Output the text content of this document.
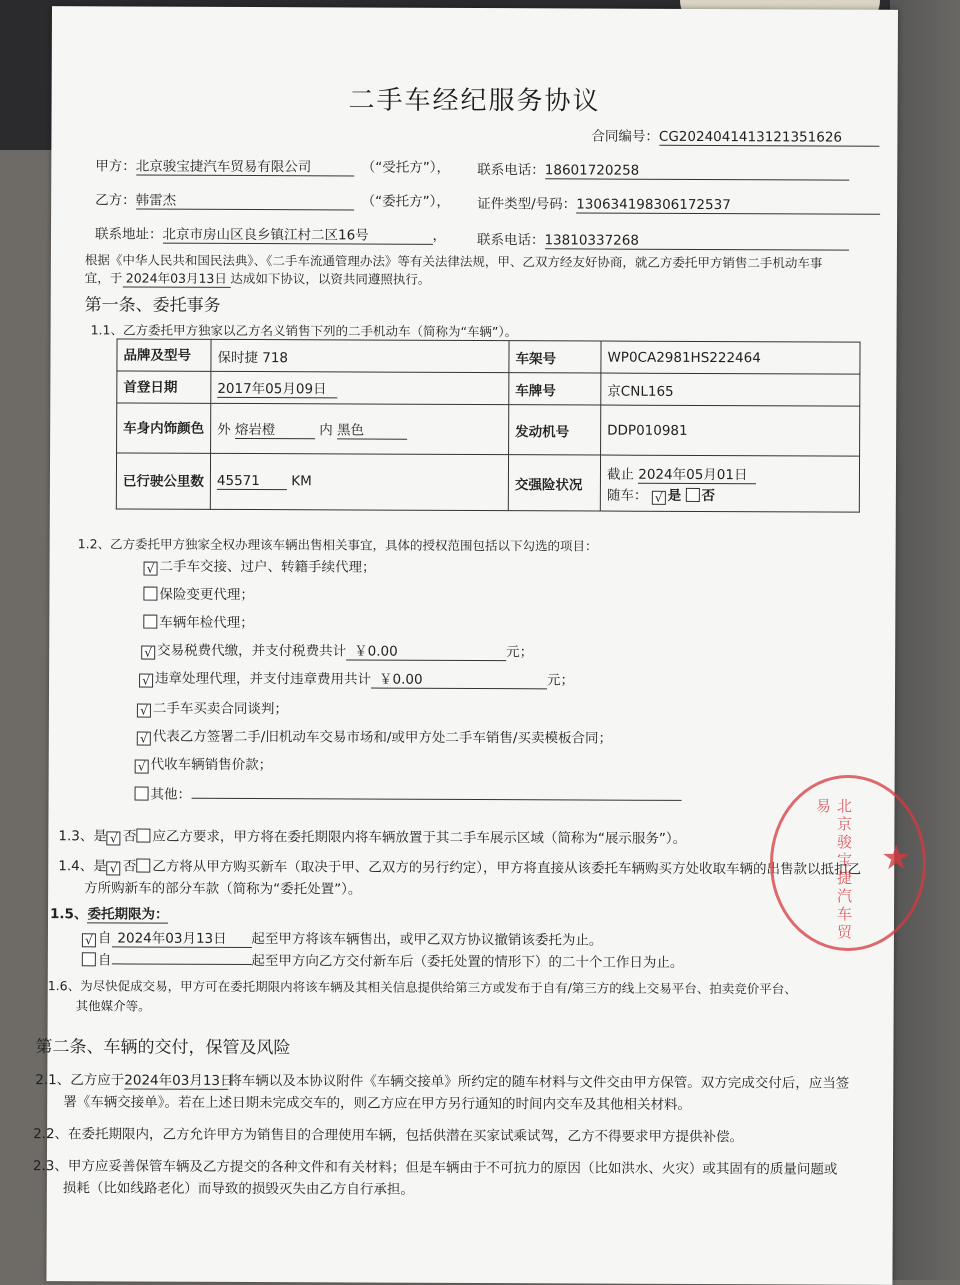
二手车经纪服务协议
合同编号：CG2024041413121351626
甲方：北京骏宝捷汽车贸易有限公司	（“受托方”）， 联系电话：18601720258
乙方：韩雷杰	（“委托方”）， 证件类型/号码：130634198306172537
联系地址：北京市房山区良乡镇江村二区16号	， 联系电话：13810337268
根据《中华人民共和国民法典》、《二手车流通管理办法》等有关法律法规，甲、乙双方经友好协商，就乙方委托甲方销售二手机动车事
宜，于 2024年03月13日 达成如下协议，以资共同遵照执行。
第一条、委托事务
1.1、乙方委托甲方独家以乙方名义销售下列的二手机动车（简称为“车辆”）。
品牌及型号	保时捷 718	车架号	WP0CA2981HS222464
首登日期	2017年05月09日	车牌号	京CNL165
车身内饰颜色	外 熔岩橙 内 黑色	发动机号	DDP010981
已行驶公里数	45571 KM	交强险状况	截止 2024年05月01日
随车： √ 是 否
1.2、乙方委托甲方独家全权办理该车辆出售相关事宜，具体的授权范围包括以下勾选的项目：
√ 二手车交接、过户、转籍手续代理；
保险变更代理；
车辆年检代理；
√ 交易税费代缴，并支付税费共计 ￥0.00	元；
√ 违章处理代理，并支付违章费用共计 ￥0.00	元；
√ 二手车买卖合同谈判；
√ 代表乙方签署二手/旧机动车交易市场和/或甲方处二手车销售/买卖模板合同；
√ 代收车辆销售价款；
其他：
1.3、是 √ 否 应乙方要求，甲方将在委托期限内将车辆放置于其二手车展示区域（简称为“展示服务”）。
1.4、是 √ 否 乙方将从甲方购买新车（取决于甲、乙双方的另行约定），甲方将直接从该委托车辆购买方处收取车辆的出售款以抵扣乙
方所购新车的部分车款（简称为“委托处置”）。
1.5、委托期限为：
√ 自 2024年03月13日 起至甲方将该车辆售出，或甲乙双方协议撤销该委托为止。
自	起至甲方向乙方交付新车后（委托处置的情形下）的二十个工作日为止。
1.6、为尽快促成交易，甲方可在委托期限内将该车辆及其相关信息提供给第三方或发布于自有/第三方的线上交易平台、拍卖竞价平台、
其他媒介等。
第二条、车辆的交付，保管及风险
2.1、乙方应于2024年03月13日将车辆以及本协议附件《车辆交接单》所约定的随车材料与文件交由甲方保管。双方完成交付后，应当签
署《车辆交接单》。若在上述日期未完成交车的，则乙方应在甲方另行通知的时间内交车及其他相关材料。
2.2、在委托期限内，乙方允许甲方为销售目的合理使用车辆，包括供潜在买家试乘试驾，乙方不得要求甲方提供补偿。
2.3、甲方应妥善保管车辆及乙方提交的各种文件和有关材料；但是车辆由于不可抗力的原因（比如洪水、火灾）或其固有的质量问题或
损耗（比如线路老化）而导致的损毁灭失由乙方自行承担。
北京骏宝捷汽车贸易
★
